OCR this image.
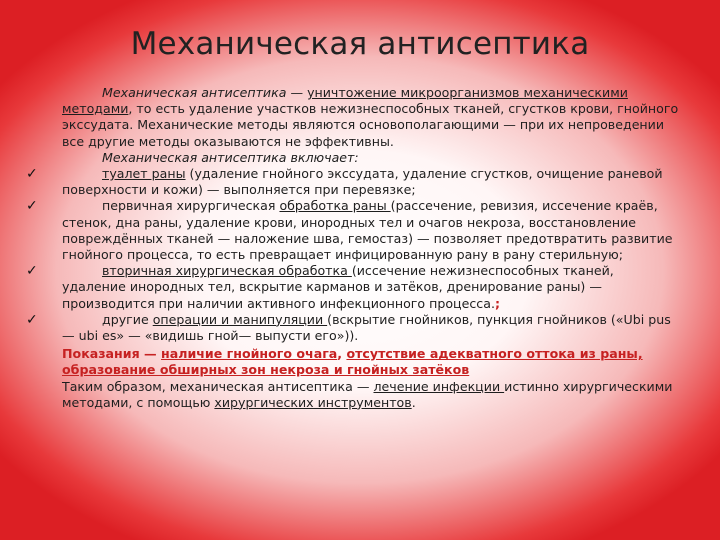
Механическая антисептика

Механическая антисептика — уничтожение микроорганизмов механическими методами, то есть удаление участков нежизнеспособных тканей, сгустков крови, гнойного экссудата. Механические методы являются основополагающими — при их непроведении все другие методы оказываются не эффективны.

Механическая антисептика включает:

✓	туалет раны (удаление гнойного экссудата, удаление сгустков, очищение раневой поверхности и кожи) — выполняется при перевязке;
✓	первичная хирургическая обработка раны (рассечение, ревизия, иссечение краёв, стенок, дна раны, удаление крови, инородных тел и очагов некроза, восстановление повреждённых тканей — наложение шва, гемостаз) — позволяет предотвратить развитие гнойного процесса, то есть превращает инфицированную рану в рану стерильную;
✓	вторичная хирургическая обработка (иссечение нежизнеспособных тканей, удаление инородных тел, вскрытие карманов и затёков, дренирование раны) — производится при наличии активного инфекционного процесса.;
✓	другие операции и манипуляции (вскрытие гнойников, пункция гнойников («Ubi pus — ubi es» — «видишь гной— выпусти его»)).

Показания — наличие гнойного очага, отсутствие адекватного оттока из раны, образование обширных зон некроза и гнойных затёков

Таким образом, механическая антисептика — лечение инфекции истинно хирургическими методами, с помощью хирургических инструментов.
